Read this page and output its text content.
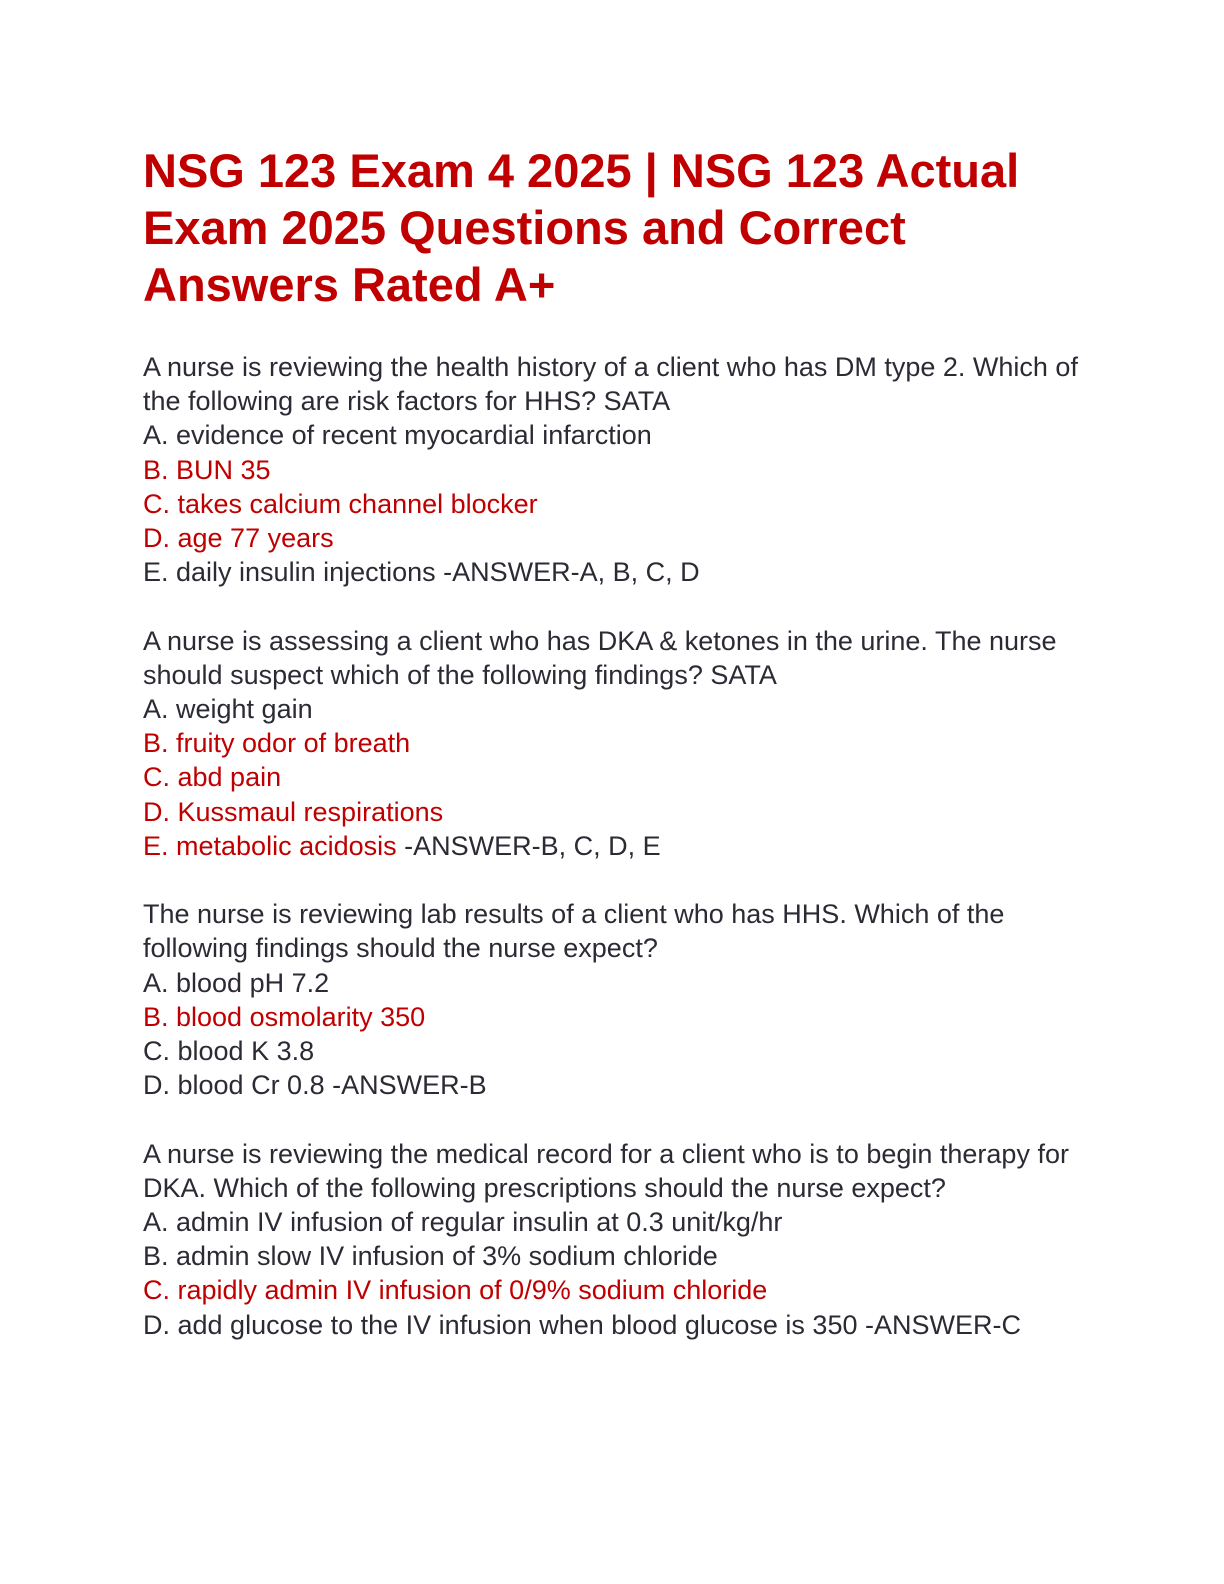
NSG 123 Exam 4 2025 | NSG 123 Actual Exam 2025 Questions and Correct Answers Rated A+
A nurse is reviewing the health history of a client who has DM type 2. Which of the following are risk factors for HHS? SATA
A. evidence of recent myocardial infarction
B. BUN 35
C. takes calcium channel blocker
D. age 77 years
E. daily insulin injections -ANSWER-A, B, C, D
A nurse is assessing a client who has DKA & ketones in the urine. The nurse should suspect which of the following findings? SATA
A. weight gain
B. fruity odor of breath
C. abd pain
D. Kussmaul respirations
E. metabolic acidosis -ANSWER-B, C, D, E
The nurse is reviewing lab results of a client who has HHS. Which of the following findings should the nurse expect?
A. blood pH 7.2
B. blood osmolarity 350
C. blood K 3.8
D. blood Cr 0.8 -ANSWER-B
A nurse is reviewing the medical record for a client who is to begin therapy for DKA. Which of the following prescriptions should the nurse expect?
A. admin IV infusion of regular insulin at 0.3 unit/kg/hr
B. admin slow IV infusion of 3% sodium chloride
C. rapidly admin IV infusion of 0/9% sodium chloride
D. add glucose to the IV infusion when blood glucose is 350 -ANSWER-C
